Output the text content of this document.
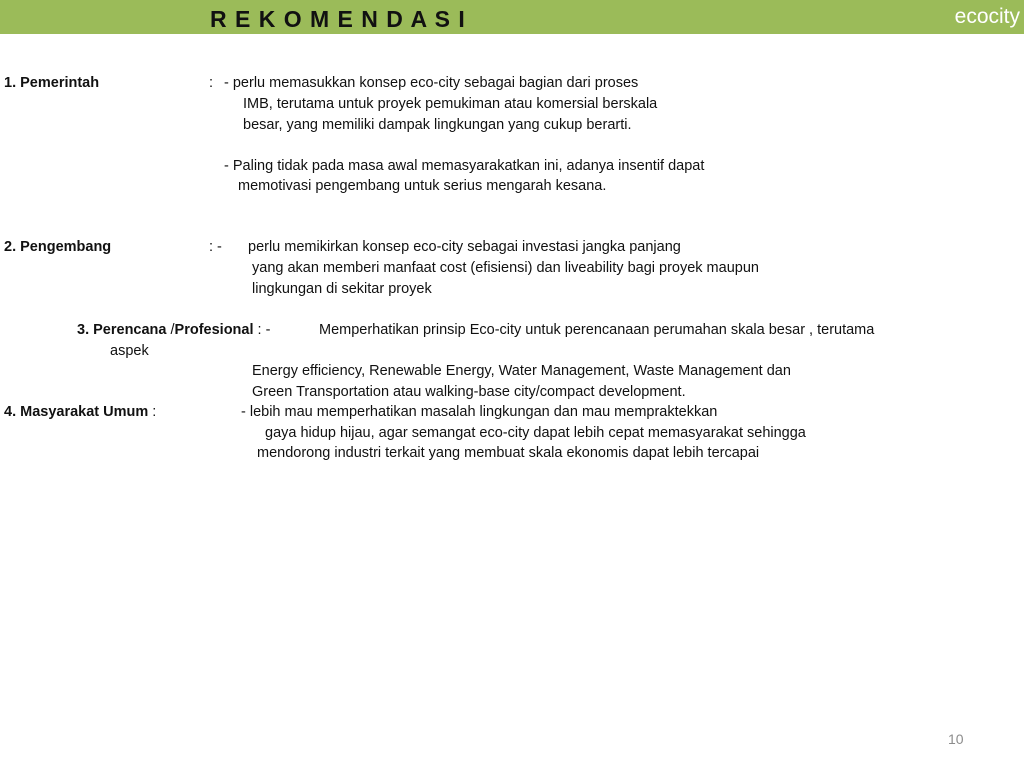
R E K O M E N D A S I	ecocity
1. Pemerintah	: - perlu memasukkan konsep eco-city sebagai bagian dari proses
IMB, terutama untuk proyek pemukiman atau komersial berskala
besar, yang memiliki dampak lingkungan yang cukup berarti.
- Paling tidak pada masa awal memasyarakatkan ini, adanya insentif dapat
memotivasi pengembang untuk serius mengarah kesana.
2. Pengembang	: - perlu memikirkan konsep eco-city sebagai investasi jangka panjang
yang akan memberi manfaat cost (efisiensi) dan liveability bagi proyek maupun
lingkungan di sekitar proyek
3. Perencana /Profesional : -	Memperhatikan prinsip Eco-city untuk perencanaan perumahan skala besar , terutama
aspek
Energy efficiency, Renewable Energy, Water Management, Waste Management dan
Green Transportation atau walking-base city/compact development.
4. Masyarakat Umum :	- lebih mau memperhatikan masalah lingkungan dan mau mempraktekkan
gaya hidup hijau, agar semangat eco-city dapat lebih cepat memasyarakat sehingga
mendorong industri terkait yang membuat skala ekonomis dapat lebih tercapai
10
